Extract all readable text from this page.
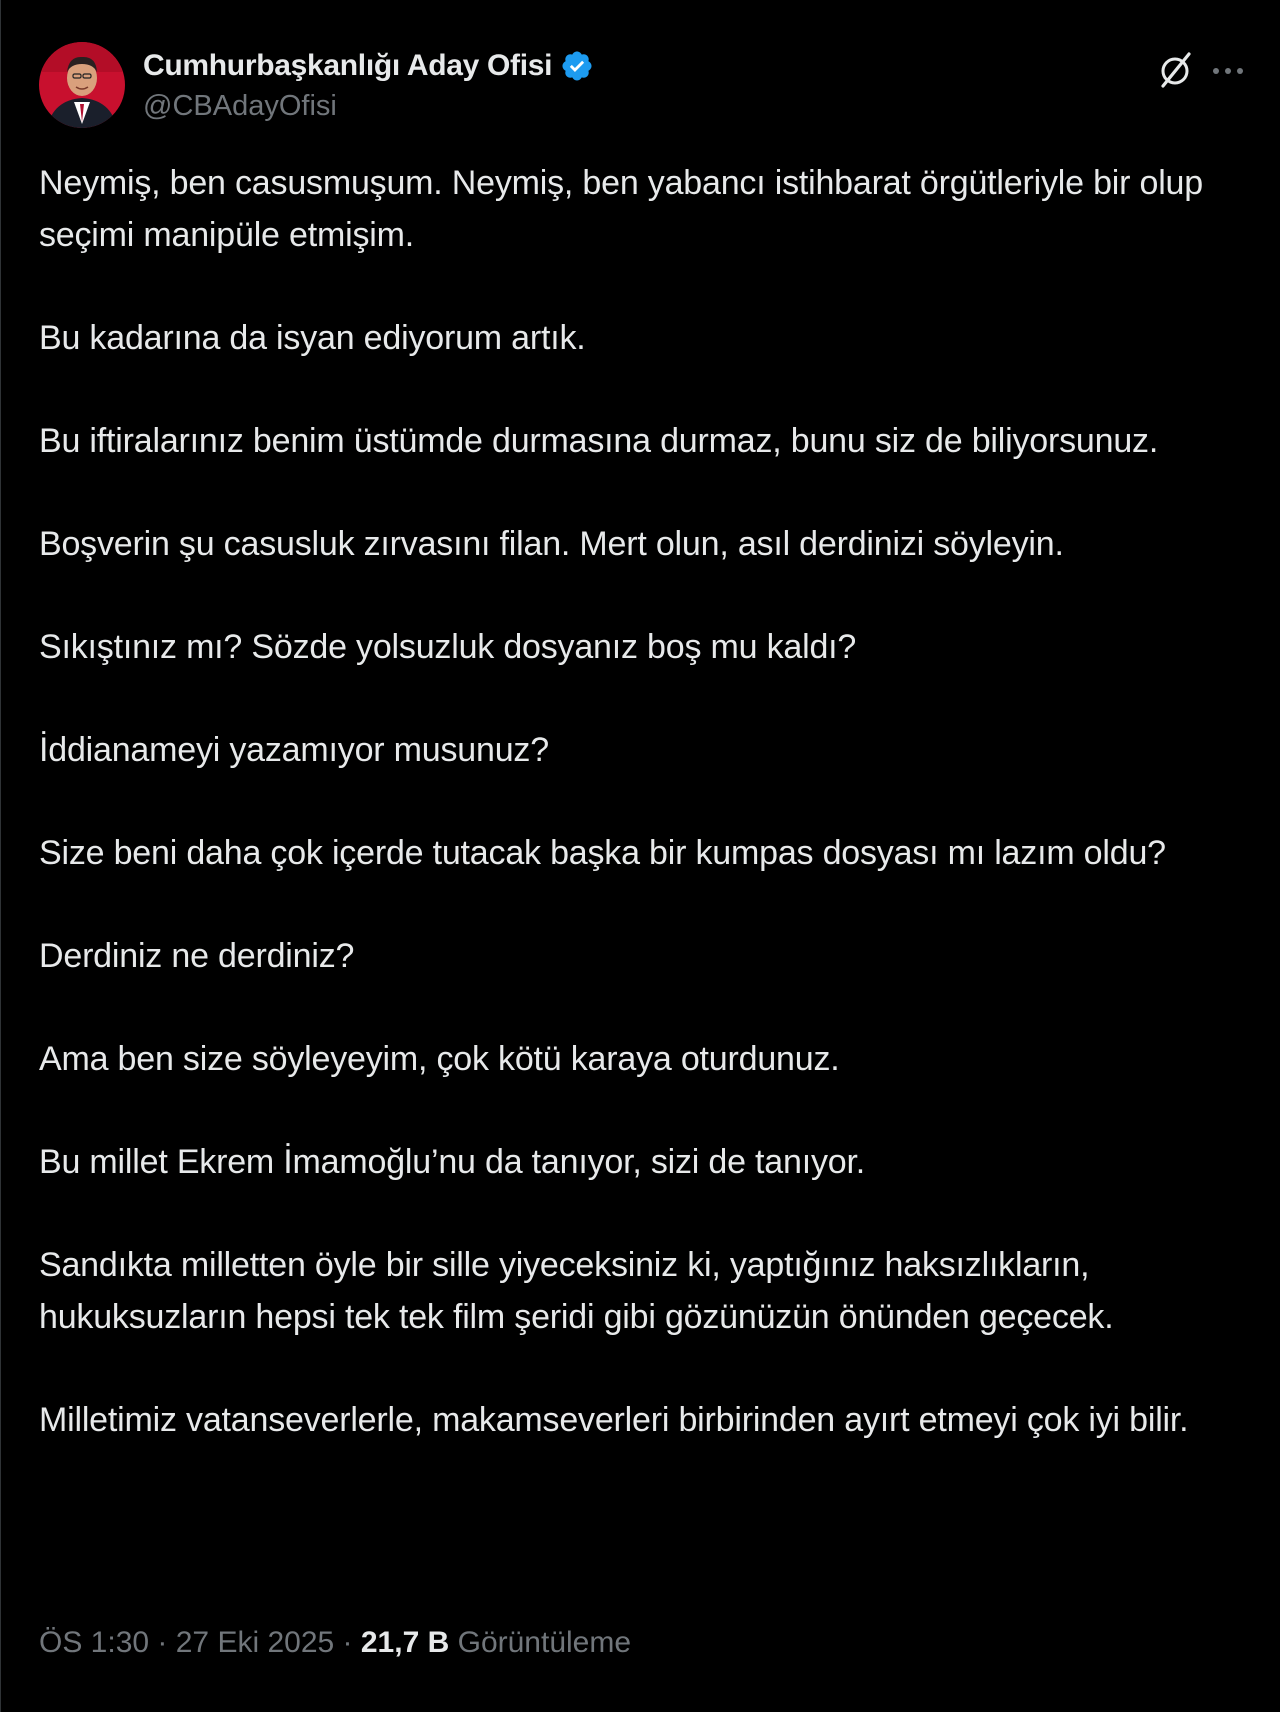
Cumhurbaşkanlığı Aday Ofisi
@CBAdayOfisi

Neymiş, ben casusmuşum. Neymiş, ben yabancı istihbarat örgütleriyle bir olup seçimi manipüle etmişim.

Bu kadarına da isyan ediyorum artık.

Bu iftiralarınız benim üstümde durmasına durmaz, bunu siz de biliyorsunuz.

Boşverin şu casusluk zırvasını filan. Mert olun, asıl derdinizi söyleyin.

Sıkıştınız mı? Sözde yolsuzluk dosyanız boş mu kaldı?

İddianameyi yazamıyor musunuz?

Size beni daha çok içerde tutacak başka bir kumpas dosyası mı lazım oldu?

Derdiniz ne derdiniz?

Ama ben size söyleyeyim, çok kötü karaya oturdunuz.

Bu millet Ekrem İmamoğlu’nu da tanıyor, sizi de tanıyor.

Sandıkta milletten öyle bir sille yiyeceksiniz ki, yaptığınız haksızlıkların, hukuksuzların hepsi tek tek film şeridi gibi gözünüzün önünden geçecek.

Milletimiz vatanseverlerle, makamseverleri birbirinden ayırt etmeyi çok iyi bilir.

ÖS 1:30 · 27 Eki 2025 · 21,7 B Görüntüleme
